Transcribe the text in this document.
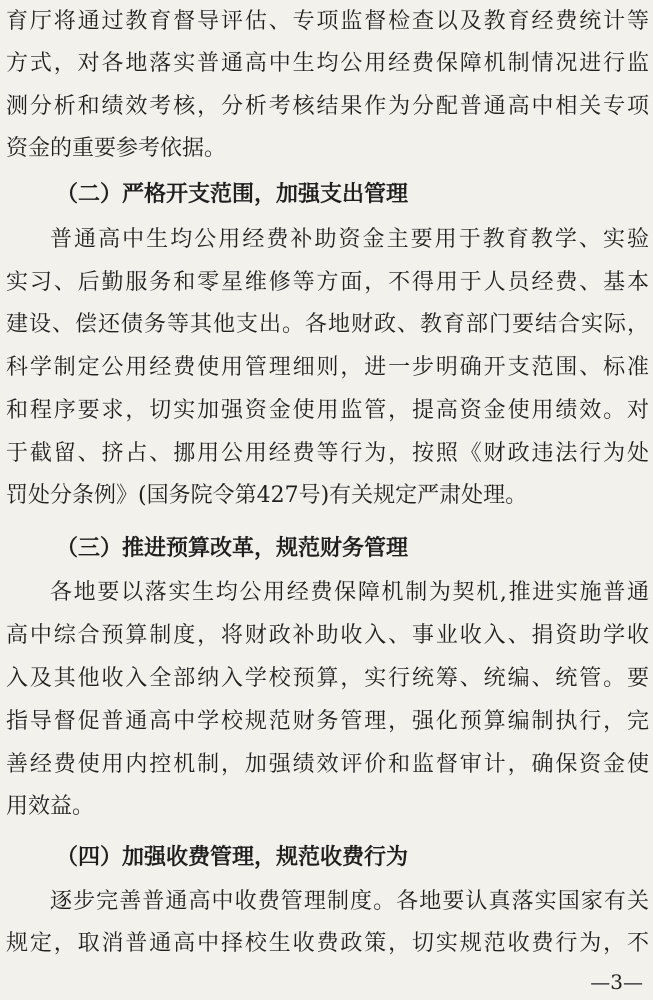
育厅将通过教育督导评估、专项监督检查以及教育经费统计等
方式，对各地落实普通高中生均公用经费保障机制情况进行监
测分析和绩效考核，分析考核结果作为分配普通高中相关专项
资金的重要参考依据。
（二）严格开支范围，加强支出管理
普通高中生均公用经费补助资金主要用于教育教学、实验
实习、后勤服务和零星维修等方面，不得用于人员经费、基本
建设、偿还债务等其他支出。各地财政、教育部门要结合实际，
科学制定公用经费使用管理细则，进一步明确开支范围、标准
和程序要求，切实加强资金使用监管，提高资金使用绩效。对
于截留、挤占、挪用公用经费等行为，按照《财政违法行为处
罚处分条例》(国务院令第427号)有关规定严肃处理。
（三）推进预算改革，规范财务管理
各地要以落实生均公用经费保障机制为契机,推进实施普通
高中综合预算制度，将财政补助收入、事业收入、捐资助学收
入及其他收入全部纳入学校预算，实行统筹、统编、统管。要
指导督促普通高中学校规范财务管理，强化预算编制执行，完
善经费使用内控机制，加强绩效评价和监督审计，确保资金使
用效益。
（四）加强收费管理，规范收费行为
逐步完善普通高中收费管理制度。各地要认真落实国家有关
规定，取消普通高中择校生收费政策，切实规范收费行为，不
—3—
